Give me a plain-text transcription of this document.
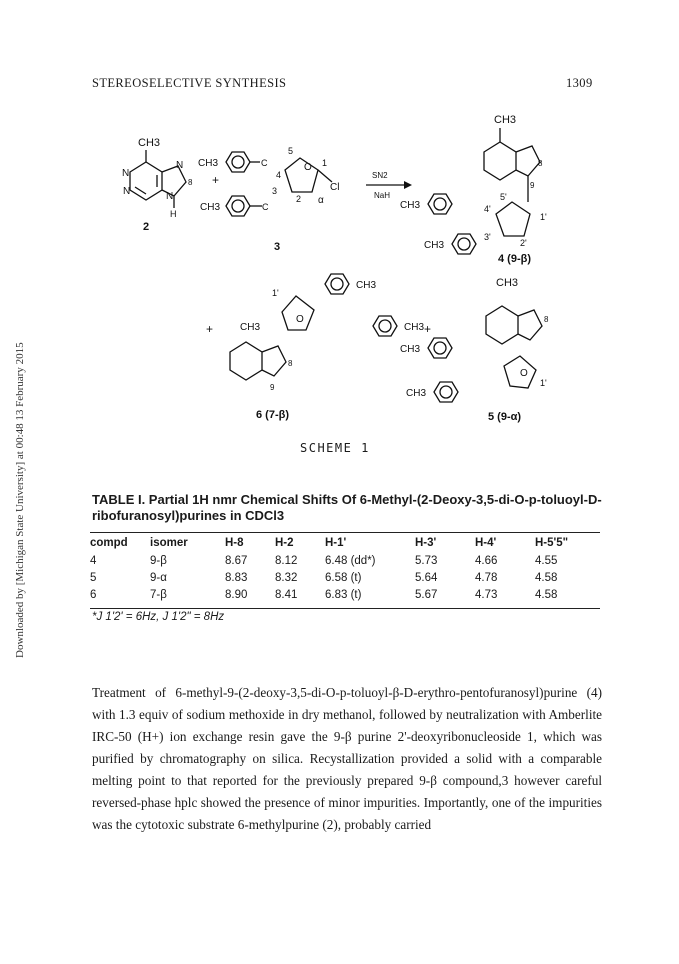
STEREOSELECTIVE SYNTHESIS	1309
Downloaded by [Michigan State University] at 00:48 13 February 2015
CH3
N
N
N
N
H
8
2
+
CH3	C
Cl
O
α
CH3	C
5
1
2
3
4
3
SN2
NaH
CH3
8
9
CH3
1'
2'
3'
4'
5'
CH3
4 (9-β)
+
O
1'
CH3
CH3
CH3
8
9
6 (7-β)
+
CH3
8
CH3
O
1'
CH3
5 (9-α)
SCHEME 1
TABLE I. Partial 1H nmr Chemical Shifts Of 6-Methyl-(2-Deoxy-3,5-di-O-p-toluoyl-D-ribofuranosyl)purines in CDCl3
compd	isomer	H-8	H-2	H-1'	H-3'	H-4'	H-5'5"
4	9-β	8.67	8.12	6.48 (dd*)	5.73	4.66	4.55
5	9-α	8.83	8.32	6.58 (t)	5.64	4.78	4.58
6	7-β	8.90	8.41	6.83 (t)	5.67	4.73	4.58
*J 1'2' = 6Hz, J 1'2" = 8Hz
Treatment of 6-methyl-9-(2-deoxy-3,5-di-O-p-toluoyl-β-D-erythro-pentofuranosyl)purine (4) with 1.3 equiv of sodium methoxide in dry methanol, followed by neutralization with Amberlite IRC-50 (H+) ion exchange resin gave the 9-β purine 2'-deoxyribonucleoside 1, which was purified by chromatography on silica. Recystallization provided a solid with a comparable melting point to that reported for the previously prepared 9-β compound,3 however careful reversed-phase hplc showed the presence of minor impurities. Importantly, one of the impurities was the cytotoxic substrate 6-methylpurine (2), probably carried
